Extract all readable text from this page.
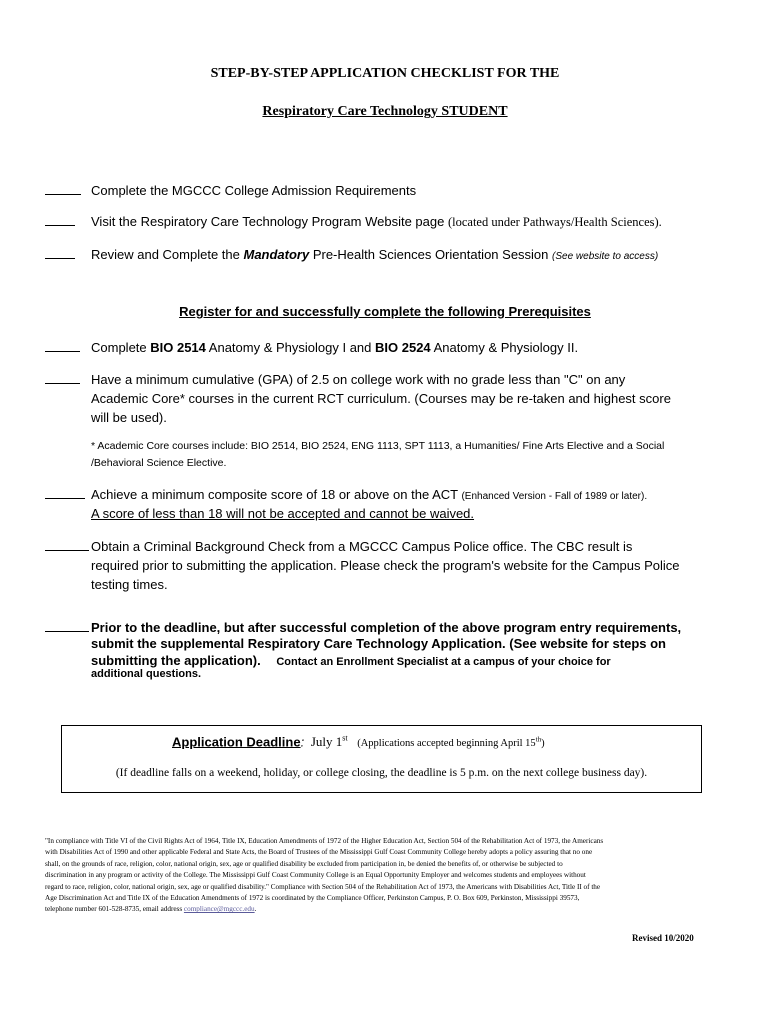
STEP-BY-STEP APPLICATION CHECKLIST FOR THE
Respiratory Care Technology STUDENT
Complete the MGCCC College Admission Requirements
Visit the Respiratory Care Technology Program Website page (located under Pathways/Health Sciences).
Review and Complete the Mandatory Pre-Health Sciences Orientation Session (See website to access)
Register for and successfully complete the following Prerequisites
Complete BIO 2514 Anatomy & Physiology I and BIO 2524 Anatomy & Physiology II.
Have a minimum cumulative (GPA) of 2.5 on college work with no grade less than "C" on any
Academic Core* courses in the current RCT curriculum. (Courses may be re-taken and highest score
will be used).
* Academic Core courses include: BIO 2514, BIO 2524, ENG 1113, SPT 1113, a Humanities/ Fine Arts Elective and a Social
/Behavioral Science Elective.
Achieve a minimum composite score of 18 or above on the ACT (Enhanced Version - Fall of 1989 or later).
A score of less than 18 will not be accepted and cannot be waived.
Obtain a Criminal Background Check from a MGCCC Campus Police office. The CBC result is
required prior to submitting the application. Please check the program's website for the Campus Police
testing times.
Prior to the deadline, but after successful completion of the above program entry requirements,
submit the supplemental Respiratory Care Technology Application. (See website for steps on
submitting the application). Contact an Enrollment Specialist at a campus of your choice for
additional questions.
Application Deadline: July 1st (Applications accepted beginning April 15th)
(If deadline falls on a weekend, holiday, or college closing, the deadline is 5 p.m. on the next college business day).
"In compliance with Title VI of the Civil Rights Act of 1964, Title IX, Education Amendments of 1972 of the Higher Education Act, Section 504 of the Rehabilitation Act of 1973, the Americans
with Disabilities Act of 1990 and other applicable Federal and State Acts, the Board of Trustees of the Mississippi Gulf Coast Community College hereby adopts a policy assuring that no one
shall, on the grounds of race, religion, color, national origin, sex, age or qualified disability be excluded from participation in, be denied the benefits of, or otherwise be subjected to
discrimination in any program or activity of the College. The Mississippi Gulf Coast Community College is an Equal Opportunity Employer and welcomes students and employees without
regard to race, religion, color, national origin, sex, age or qualified disability." Compliance with Section 504 of the Rehabilitation Act of 1973, the Americans with Disabilities Act, Title II of the
Age Discrimination Act and Title IX of the Education Amendments of 1972 is coordinated by the Compliance Officer, Perkinston Campus, P. O. Box 609, Perkinston, Mississippi 39573,
telephone number 601-528-8735, email address compliance@mgccc.edu.
Revised 10/2020
